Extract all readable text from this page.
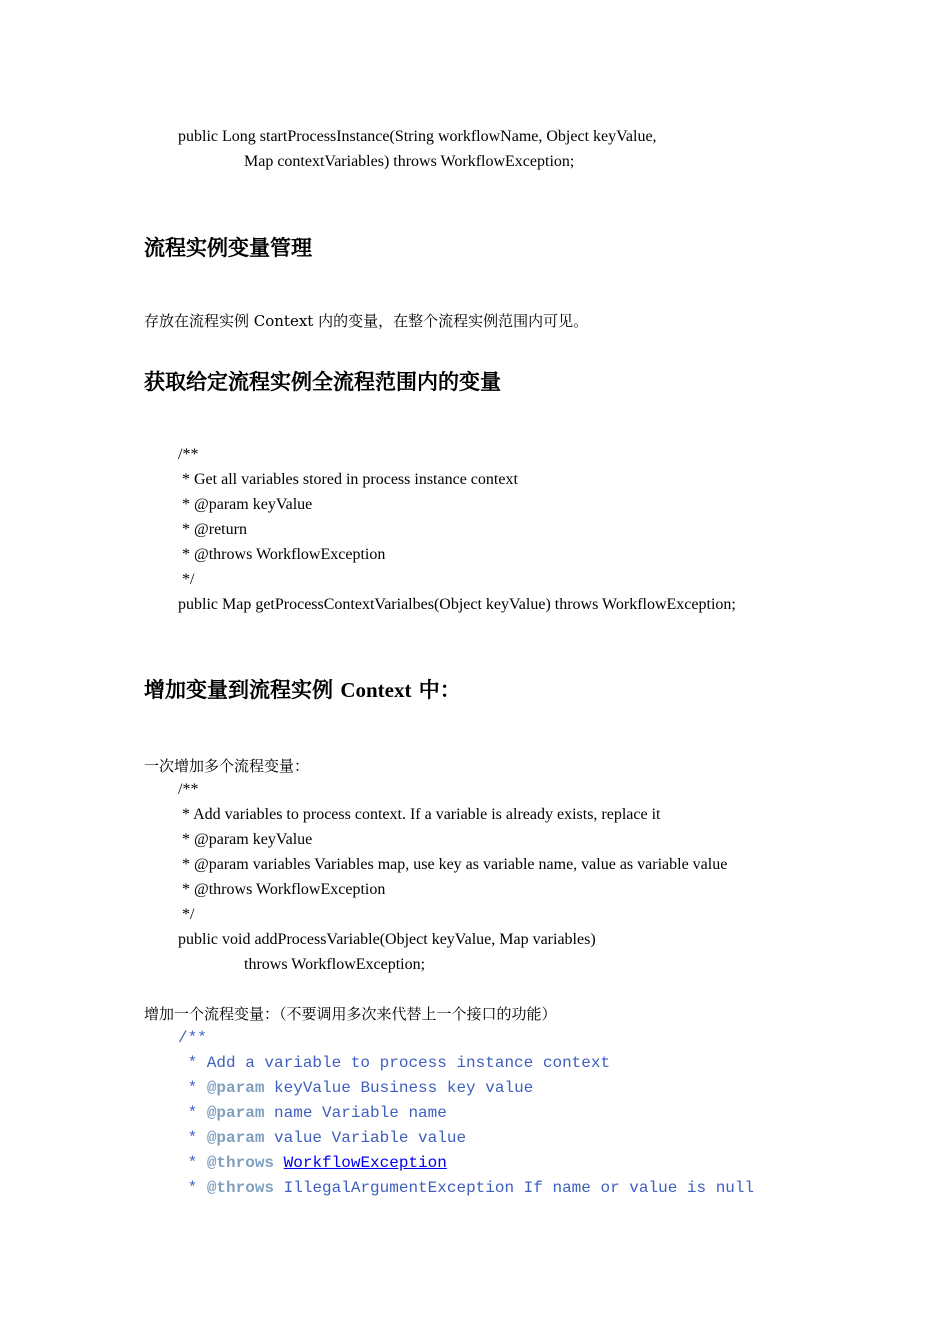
public Long startProcessInstance(String workflowName, Object keyValue,
Map contextVariables) throws WorkflowException;
流程实例变量管理
存放在流程实例 Context 内的变量，在整个流程实例范围内可见。
获取给定流程实例全流程范围内的变量
/**
* Get all variables stored in process instance context
* @param keyValue
* @return
* @throws WorkflowException
*/
public Map getProcessContextVarialbes(Object keyValue) throws WorkflowException;
增加变量到流程实例 Context 中：
一次增加多个流程变量：
/**
* Add variables to process context. If a variable is already exists, replace it
* @param keyValue
* @param variables Variables map, use key as variable name, value as variable value
* @throws WorkflowException
*/
public void addProcessVariable(Object keyValue, Map variables)
throws WorkflowException;
增加一个流程变量：（不要调用多次来代替上一个接口的功能）
/**
* Add a variable to process instance context
* @param keyValue Business key value
* @param name Variable name
* @param value Variable value
* @throws WorkflowException
* @throws IllegalArgumentException If name or value is null
